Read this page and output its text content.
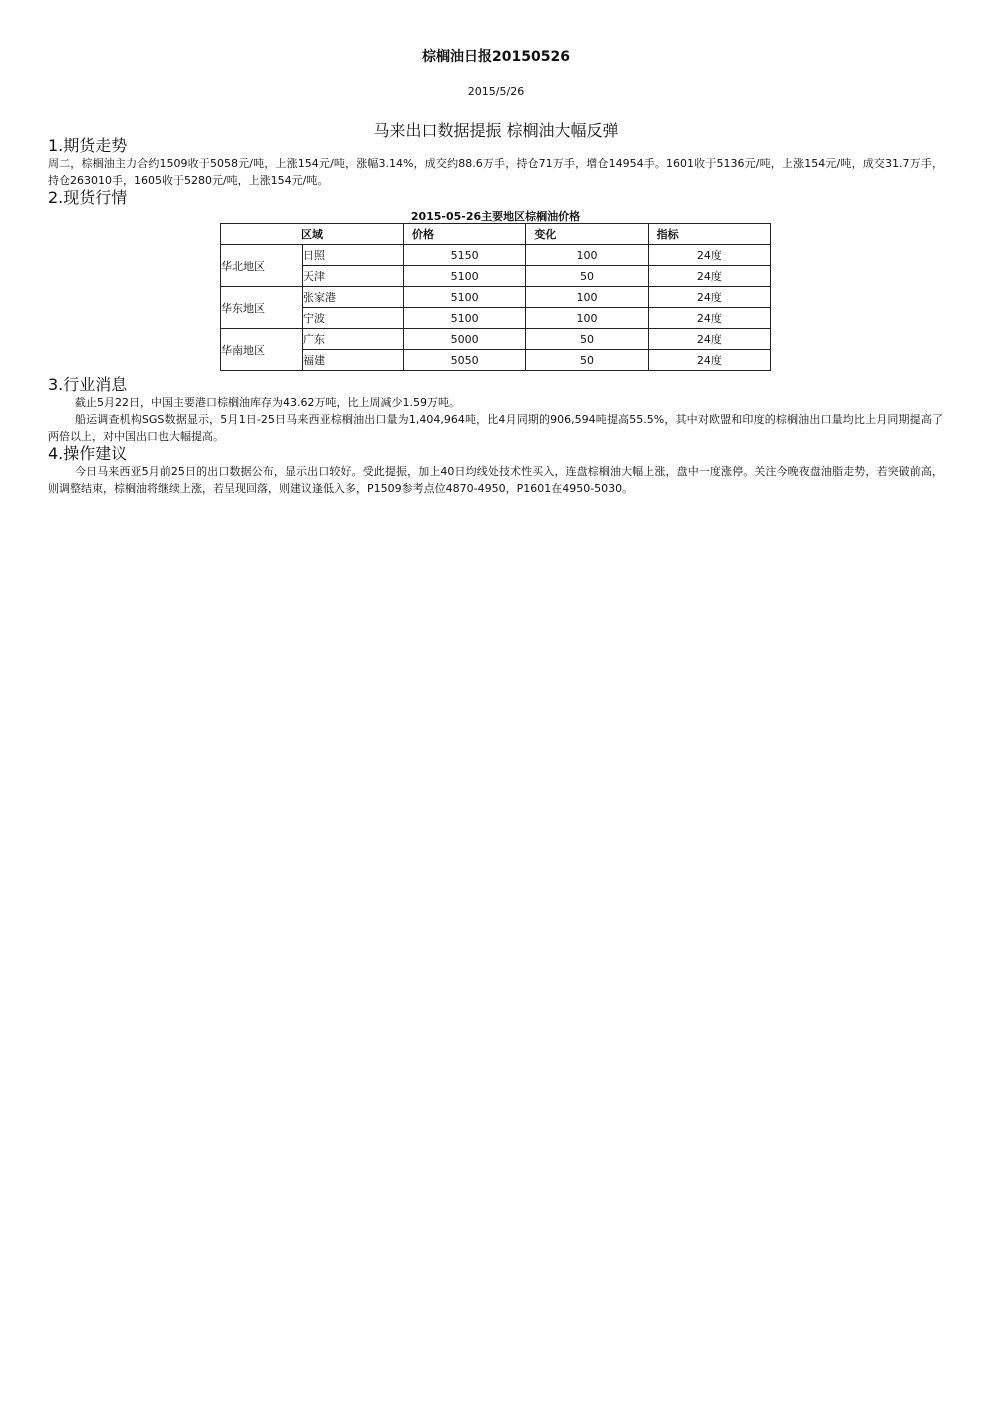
棕榈油日报20150526
2015/5/26
马来出口数据提振 棕榈油大幅反弹
1.期货走势
周二，棕榈油主力合约1509收于5058元/吨，上涨154元/吨，涨幅3.14%，成交约88.6万手，持仓71万手，增仓14954手。1601收于5136元/吨，上涨154元/吨，成交31.7万手，持仓263010手，1605收于5280元/吨，上涨154元/吨。
2.现货行情
2015-05-26主要地区棕榈油价格
区域		价格	变化	指标
华北地区	日照	5150	100	24度
	天津	5100	50	24度
华东地区	张家港	5100	100	24度
	宁波	5100	100	24度
华南地区	广东	5000	50	24度
	福建	5050	50	24度
3.行业消息
截止5月22日，中国主要港口棕榈油库存为43.62万吨，比上周减少1.59万吨。
船运调查机构SGS数据显示，5月1日-25日马来西亚棕榈油出口量为1,404,964吨，比4月同期的906,594吨提高55.5%，其中对欧盟和印度的棕榈油出口量均比上月同期提高了两倍以上，对中国出口也大幅提高。
4.操作建议
今日马来西亚5月前25日的出口数据公布，显示出口较好。受此提振，加上40日均线处技术性买入，连盘棕榈油大幅上涨，盘中一度涨停。关注今晚夜盘油脂走势，若突破前高，则调整结束，棕榈油将继续上涨，若呈现回落，则建议逢低入多，P1509参考点位4870-4950，P1601在4950-5030。
